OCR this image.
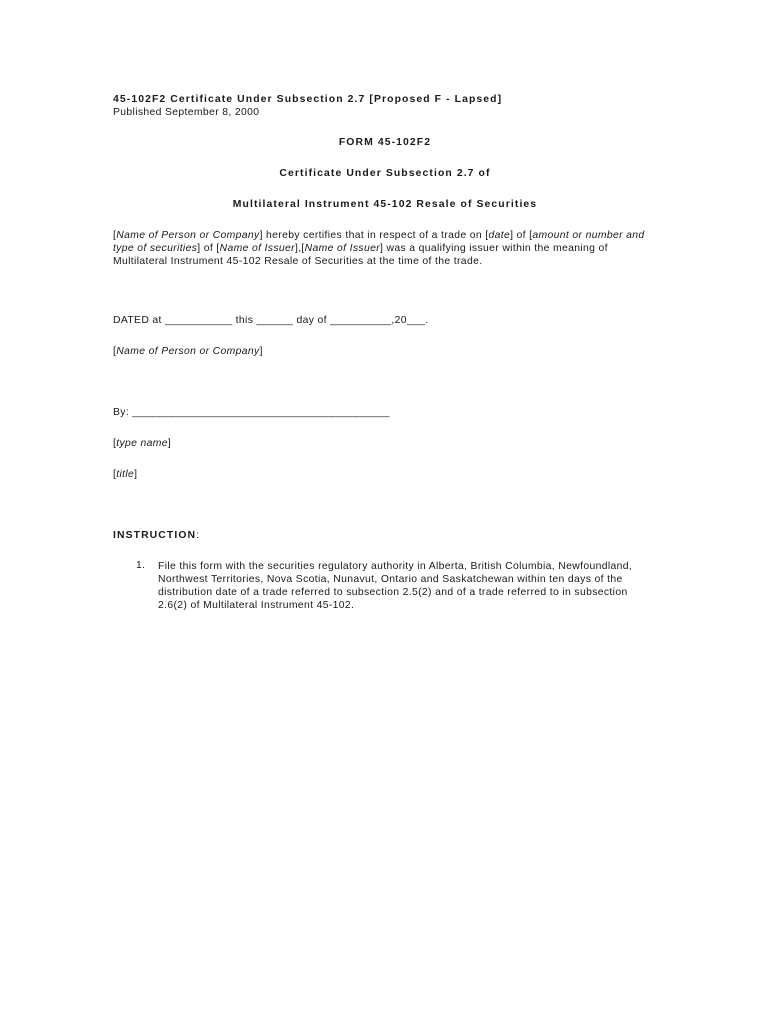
45-102F2 Certificate Under Subsection 2.7 [Proposed F - Lapsed]
Published September 8, 2000
FORM 45-102F2
Certificate Under Subsection 2.7 of
Multilateral Instrument 45-102 Resale of Securities
[Name of Person or Company] hereby certifies that in respect of a trade on [date] of [amount or number and type of securities] of [Name of Issuer],[Name of Issuer] was a qualifying issuer within the meaning of Multilateral Instrument 45-102 Resale of Securities at the time of the trade.
DATED at ___________ this ______ day of __________,20___.
[Name of Person or Company]
By: __________________________________________
[type name]
[title]
INSTRUCTION:
1. File this form with the securities regulatory authority in Alberta, British Columbia, Newfoundland, Northwest Territories, Nova Scotia, Nunavut, Ontario and Saskatchewan within ten days of the distribution date of a trade referred to subsection 2.5(2) and of a trade referred to in subsection 2.6(2) of Multilateral Instrument 45-102.
